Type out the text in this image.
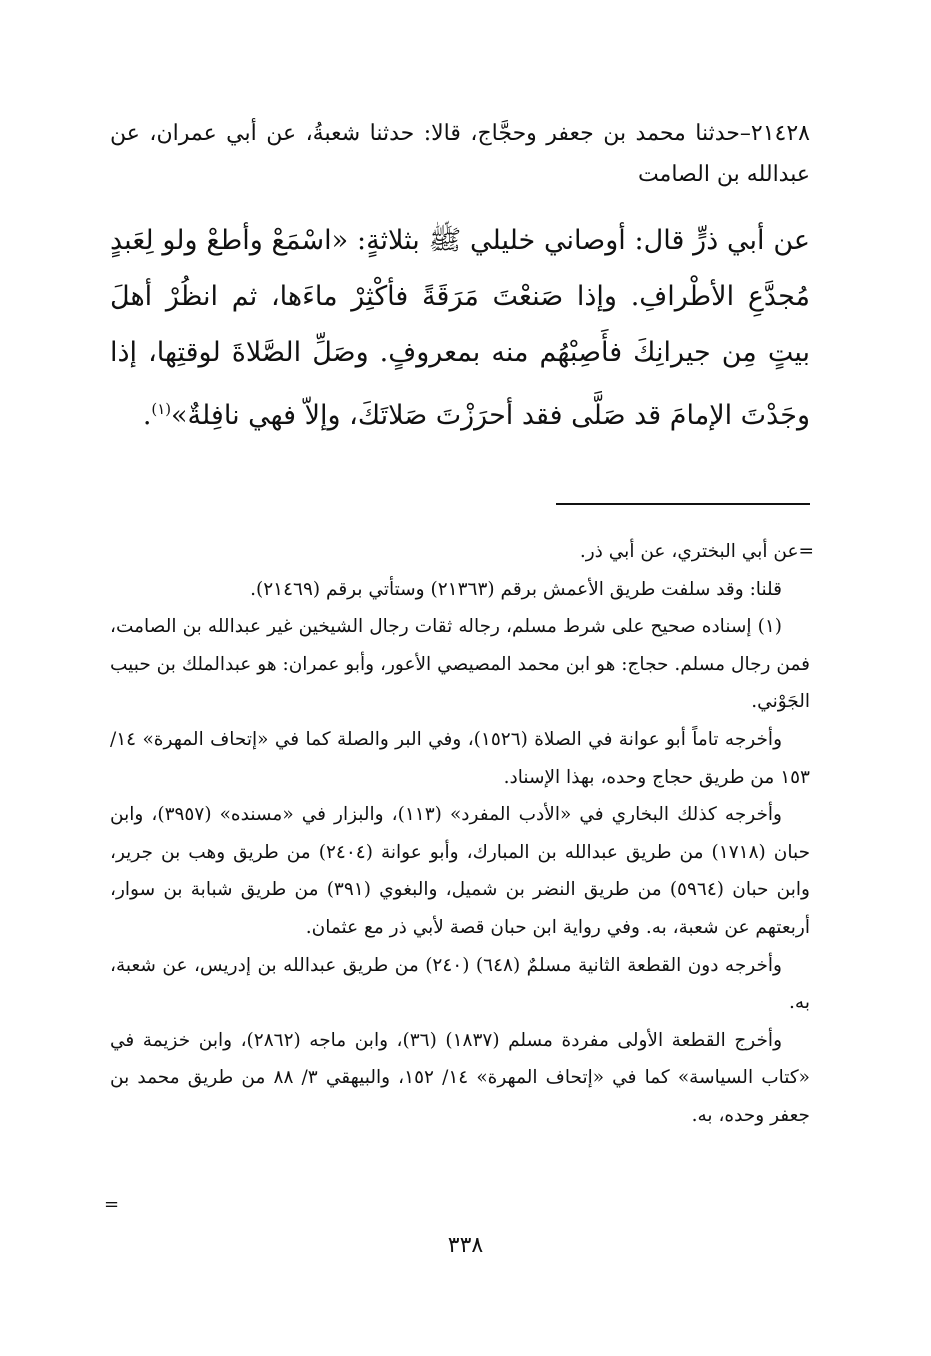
٢١٤٢٨–حدثنا محمد بن جعفر وحجَّاج، قالا: حدثنا شعبةُ، عن أبي عمران، عن عبدالله بن الصامت
عن أبي ذرٍّ قال: أوصاني خليلي ﷺ بثلاثةٍ: «اسْمَعْ وأطعْ ولو لِعَبدٍ مُجدَّعِ الأطْرافِ. وإذا صَنعْتَ مَرَقَةً فأكْثِرْ ماءَها، ثم انظُرْ أهلَ بيتٍ مِن جيرانِكَ فأَصِبْهُم منه بمعروفٍ. وصَلِّ الصَّلاةَ لوقتِها، إذا وجَدْتَ الإمامَ قد صَلَّى فقد أحرَزْتَ صَلاتَكَ، وإلاّ فهي نافِلةٌ»$^{(١)}$.

=عن أبي البختري، عن أبي ذر.

قلنا: وقد سلفت طريق الأعمش برقم (٢١٣٦٣) وستأتي برقم (٢١٤٦٩).

(١) إسناده صحيح على شرط مسلم، رجاله ثقات رجال الشيخين غير عبدالله بن الصامت، فمن رجال مسلم. حجاج: هو ابن محمد المصيصي الأعور، وأبو عمران: هو عبدالملك بن حبيب الجَوْني.

وأخرجه تاماً أبو عوانة في الصلاة (١٥٢٦)، وفي البر والصلة كما في «إتحاف المهرة» ١٤/ ١٥٣ من طريق حجاج وحده، بهذا الإسناد.

وأخرجه كذلك البخاري في «الأدب المفرد» (١١٣)، والبزار في «مسنده» (٣٩٥٧)، وابن حبان (١٧١٨) من طريق عبدالله بن المبارك، وأبو عوانة (٢٤٠٤) من طريق وهب بن جرير، وابن حبان (٥٩٦٤) من طريق النضر بن شميل، والبغوي (٣٩١) من طريق شبابة بن سوار، أربعتهم عن شعبة، به. وفي رواية ابن حبان قصة لأبي ذر مع عثمان.

وأخرجه دون القطعة الثانية مسلمٌ (٦٤٨) (٢٤٠) من طريق عبدالله بن إدريس، عن شعبة، به.

وأخرج القطعة الأولى مفردة مسلم (١٨٣٧) (٣٦)، وابن ماجه (٢٨٦٢)، وابن خزيمة في «كتاب السياسة» كما في «إتحاف المهرة» ١٤/ ١٥٢، والبيهقي ٣/ ٨٨ من طريق محمد بن جعفر وحده، به.

=
٣٣٨
